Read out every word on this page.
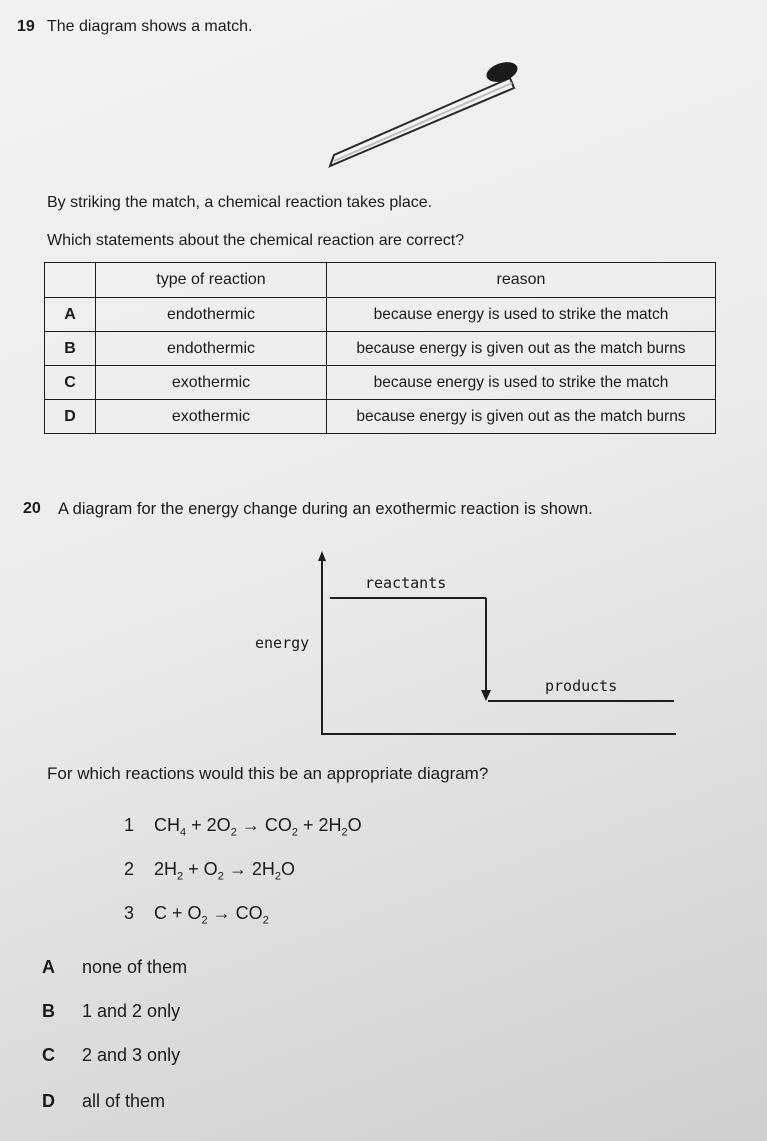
19 The diagram shows a match.
By striking the match, a chemical reaction takes place.
Which statements about the chemical reaction are correct?
	type of reaction	reason
A	endothermic	because energy is used to strike the match
B	endothermic	because energy is given out as the match burns
C	exothermic	because energy is used to strike the match
D	exothermic	because energy is given out as the match burns
20 A diagram for the energy change during an exothermic reaction is shown.
reactants
energy
products
For which reactions would this be an appropriate diagram?
1 $CH_4 + 2O_2 \to CO_2 + 2H_2O$
2 $2H_2 + O_2 \to 2H_2O$
3 $C + O_2 \to CO_2$
A none of them
B 1 and 2 only
C 2 and 3 only
D all of them
